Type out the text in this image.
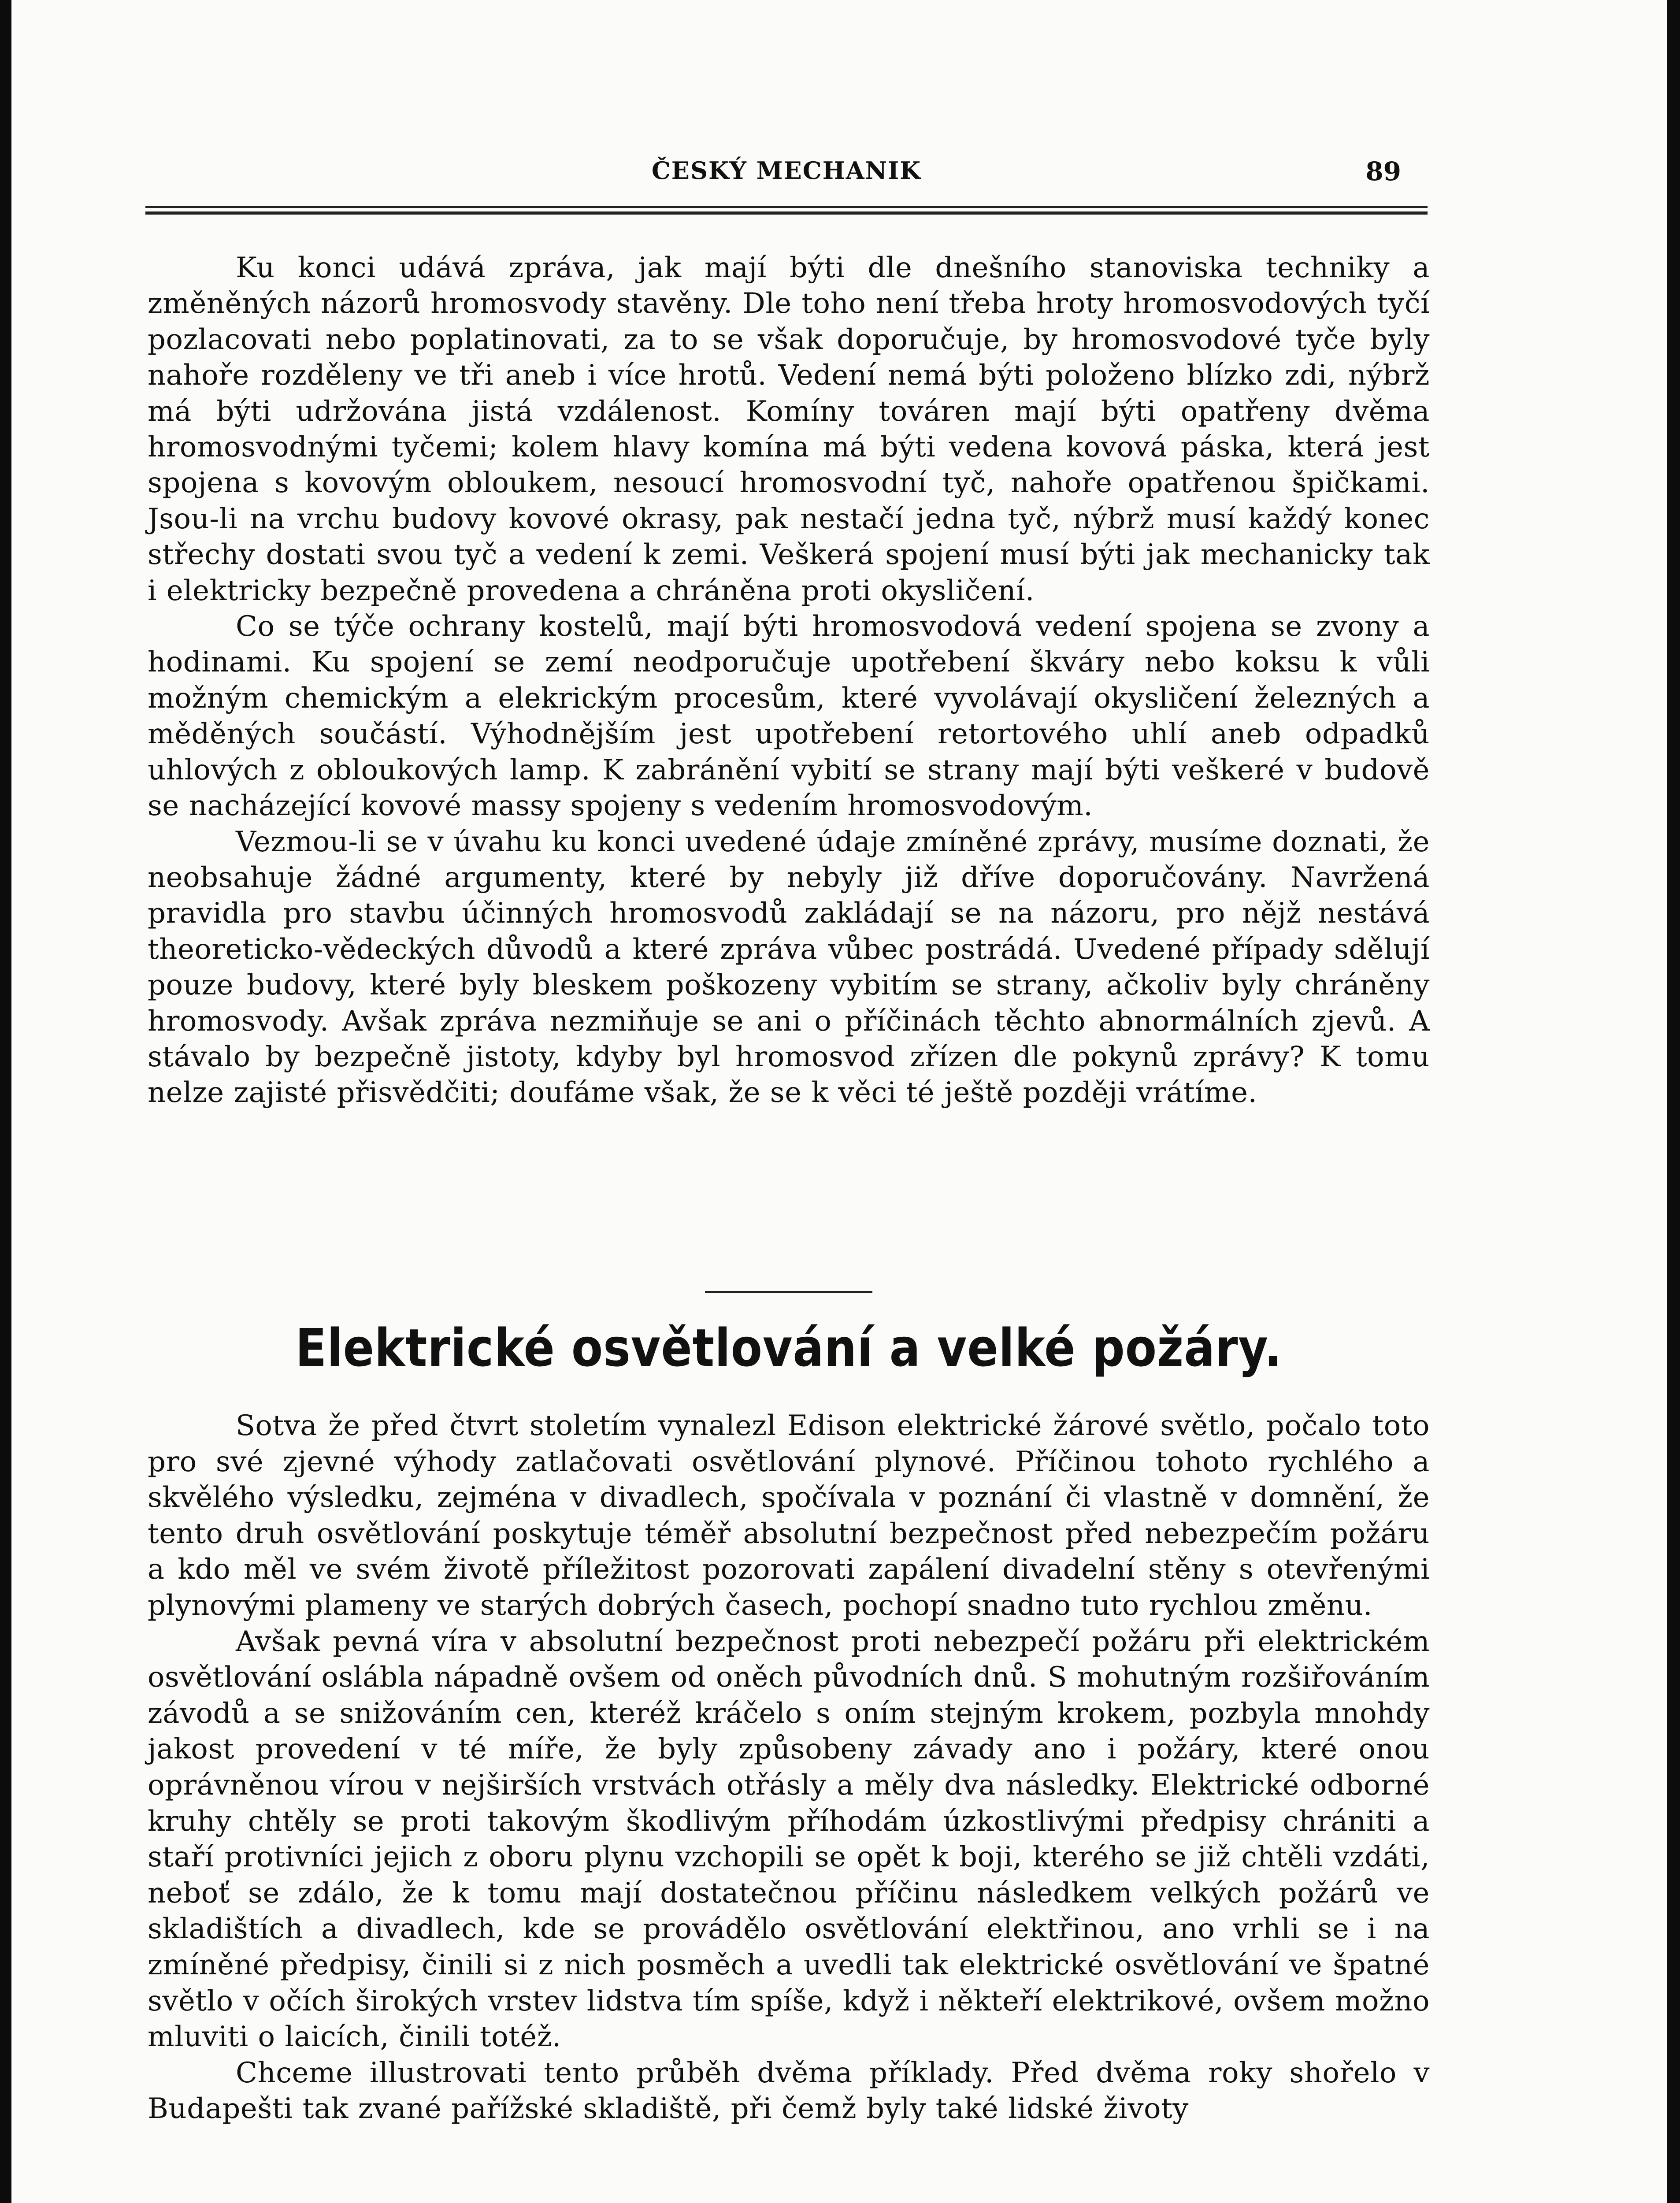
ČESKÝ MECHANIK	89

Ku konci udává zpráva, jak mají býti dle dnešního stanoviska techniky a změněných názorů hromosvody stavěny. Dle toho není třeba hroty hromosvodových tyčí pozlacovati nebo poplatinovati, za to se však doporučuje, by hromosvodové tyče byly nahoře rozděleny ve tři aneb i více hrotů. Vedení nemá býti položeno blízko zdi, nýbrž má býti udržována jistá vzdálenost. Komíny továren mají býti opatřeny dvěma hromosvodnými tyčemi; kolem hlavy komína má býti vedena kovová páska, která jest spojena s kovovým obloukem, nesoucí hromosvodní tyč, nahoře opatřenou špičkami. Jsou-li na vrchu budovy kovové okrasy, pak nestačí jedna tyč, nýbrž musí každý konec střechy dostati svou tyč a vedení k zemi. Veškerá spojení musí býti jak mechanicky tak i elektricky bezpečně provedena a chráněna proti okysličení.

Co se týče ochrany kostelů, mají býti hromosvodová vedení spojena se zvony a hodinami. Ku spojení se zemí neodporučuje upotřebení škváry nebo koksu k vůli možným chemickým a elekrickým procesům, které vyvolávají okysličení železných a měděných součástí. Výhodnějším jest upotřebení retortového uhlí aneb odpadků uhlových z obloukových lamp. K zabránění vybití se strany mají býti veškeré v budově se nacházející kovové massy spojeny s vedením hromosvodovým.

Vezmou-li se v úvahu ku konci uvedené údaje zmíněné zprávy, musíme doznati, že neobsahuje žádné argumenty, které by nebyly již dříve doporučovány. Navržená pravidla pro stavbu účinných hromosvodů zakládají se na názoru, pro nějž nestává theoreticko-vědeckých důvodů a které zpráva vůbec postrádá. Uvedené případy sdělují pouze budovy, které byly bleskem poškozeny vybitím se strany, ačkoliv byly chráněny hromosvody. Avšak zpráva nezmiňuje se ani o příčinách těchto abnormálních zjevů. A stávalo by bezpečně jistoty, kdyby byl hromosvod zřízen dle pokynů zprávy? K tomu nelze zajisté přisvědčiti; doufáme však, že se k věci té ještě později vrátíme.

Elektrické osvětlování a velké požáry.

Sotva že před čtvrt stoletím vynalezl Edison elektrické žárové světlo, počalo toto pro své zjevné výhody zatlačovati osvětlování plynové. Příčinou tohoto rychlého a skvělého výsledku, zejména v divadlech, spočívala v poznání či vlastně v domnění, že tento druh osvětlování poskytuje téměř absolutní bezpečnost před nebezpečím požáru a kdo měl ve svém životě příležitost pozorovati zapálení divadelní stěny s otevřenými plynovými plameny ve starých dobrých časech, pochopí snadno tuto rychlou změnu.

Avšak pevná víra v absolutní bezpečnost proti nebezpečí požáru při elektrickém osvětlování oslábla nápadně ovšem od oněch původních dnů. S mohutným rozšiřováním závodů a se snižováním cen, kteréž kráčelo s oním stejným krokem, pozbyla mnohdy jakost provedení v té míře, že byly způsobeny závady ano i požáry, které onou oprávněnou vírou v nejširších vrstvách otřásly a měly dva následky. Elektrické odborné kruhy chtěly se proti takovým škodlivým příhodám úzkostlivými předpisy chrániti a staří protivníci jejich z oboru plynu vzchopili se opět k boji, kterého se již chtěli vzdáti, neboť se zdálo, že k tomu mají dostatečnou příčinu následkem velkých požárů ve skladištích a divadlech, kde se provádělo osvětlování elektřinou, ano vrhli se i na zmíněné předpisy, činili si z nich posměch a uvedli tak elektrické osvětlování ve špatné světlo v očích širokých vrstev lidstva tím spíše, když i někteří elektrikové, ovšem možno mluviti o laicích, činili totéž.

Chceme illustrovati tento průběh dvěma příklady. Před dvěma roky shořelo v Budapešti tak zvané pařížské skladiště, při čemž byly také lidské životy
